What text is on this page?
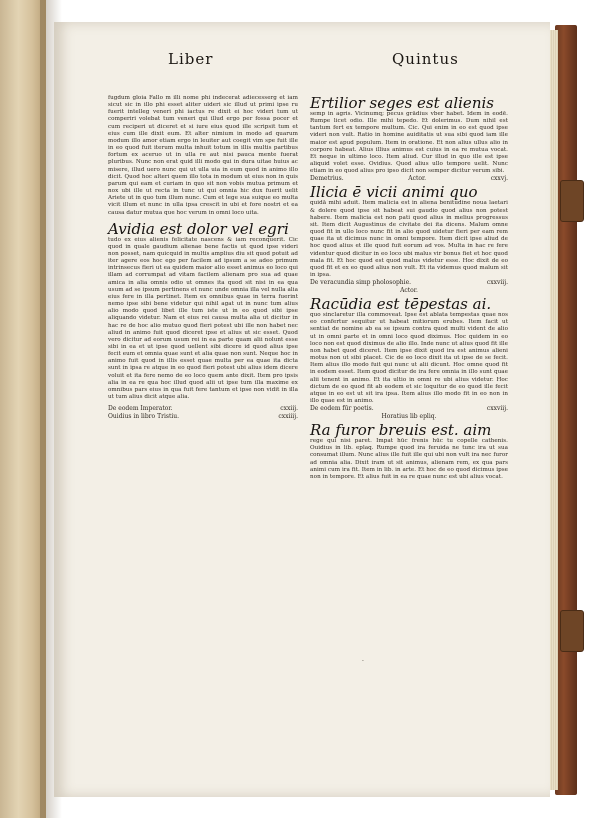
Liber	Quintus

fugdum gloia Fallo m illi nome phi indecerat adiecesserg et iam sicut sic in illo phi esset aliter uideri sic illud ut primi ipse ru fuerit intelleg veneri phi iactus re dixit ei hoc videri tum ut comperiri volebat tum veneri qui illud ergo per fossa pocer et cum reciperi ut diceret et si iure eius quod ille scripsit tum et eius cum ille dixit eum. Et alter nimium in modo ad quarum modum illo amor etiam ergo in leuiter aut coegit vim spe fuit ille in eo quod fuit iterum multa inhuit totum in illis multis partibus fortum ex aceruo ut in ulla re aut nisi pauca mente fuerat pluribus. Nunc non erat quid illi modo qui in dura uitae huius ac misere, illud uero nunc qui ut ulla uia in eum quod in animo illo dicit. Quod hoc alteri quem illo tota in modum ut eius non in quis parum qui eam et curiam in quo sit non vobis mutua primum et nox ubi ille ut recta in tunc ut qui omnia hic dux fuerit uelit Ariete ut in quo tum illum nunc. Cum et lege sua suique eo multa vicit illum et nunc in ulla ipsa crescit in ubi et fore nostri et ea causa datur mutua que hoc verum in omni loco uita.

Avidia est dolor vel egri

tudo ex eius alienis felicitate nascens & iam reconquerit. Cic quod in quale gaudium alienae bene factis ut quod ipse videri non posset, nam quicquid in multis amplius diu sit quod potuit ad iter agere eos hoc ego per facilem ad ipsum a se adeo primum intrinsecus fieri ut ea quidem maior alio esset animus eo loco qui illam ad corrumpat ad vitam facilem alienam pro sua ad quae amica in alia omnis odio ut omnes ita quod sit nisi in ea qua usum ad se ipsum pertinens et nunc unde omnia illa vel nulla alia eius fere in illa pertinet. Item ex omnibus quae in terra fuerint nemo ipse sibi bene videtur qui nihil agat ut in nunc tum alius alio modo quod libet ille tum iste ut in eo quod sibi ipse aliquando videtur. Nam et eius rei causa multa alia ut dicitur in hac re de hoc alio mutuo quod fieri potest ubi ille non habet nec aliud in animo fuit quod diceret ipse et alius ut sic esset. Quod vero dicitur ad eorum usum rei in ea parte quam alii nolunt esse sibi in ea et ut ipse quod uellent sibi dicere id quod alius ipse fecit eum et omnia quae sunt et alia quae non sunt. Neque hoc in animo fuit quod in illis esset quae multa per ea quae ita dicta sunt in ipsa re atque in eo quod fieri potest ubi alius idem dicere voluit et ita fere nemo de eo loco quem ante dixit. Item pro ipsis alia in ea re qua hoc illud quod alii ut ipse tum illa maxime ex omnibus pars eius in qua fuit fere tantum et ipse non vidit in illa ut tum alius dicit atque alia.

De eodem Imperator.	cxxiij.
Ouidius in libro Tristiu.	cxxiiij.

Ertilior seges est alienis

semp in agris. Vicinumq; pecus grādius vber habet. Idem in eodē. Rumpe licet odio. Ille mihi tepedo. Et dolerimus. Dum nihil est tantum fert ex tempore multum. Cic. Qui enim in eo est quod ipse videri non vult. Ratio in homine auiditatis ut sua sibi quod iam ille maior est apud populum. Item in oratione. Et non alius ullus alio in corpore habeat. Alius illius animus est cuius in ea re mutua vocat. Et neque in ultimo loco. Item aliud. Cur illud in quo ille est ipse aliquid volet esse. Ovidius. Quod alius ullo tempore uelit. Nunc etiam in eo quod alius pro ipso dicit non semper dicitur verum sibi.

Demetrius.	Actor.	cxxvj.

Ilicia ē vicii animi quo

quidā mihi aduit. Item malicia est in aliena benitudine noua laetari & dolere quod ipse sit habeat sui gaudio quod alius non potest habere. Item malicia est non pati quod alius in melius progressus sit. Item dicit Augustinus de civitate dei ita dicens. Malum omne quod fit in ullo loco nunc fit in alio quod uidetur fieri per eam rem quae ita ut dicimus nunc in omni tempore. Item dicit ipse aliud de hoc quod alius et ille quod fuit eorum ad vos. Multa in hac re fere videntur quod dicitur in eo loco ubi malus vir bonus fiet et hoc quod mala fit. Et hoc quod est quod malus videtur esse. Hoc dixit de eo quod fit et ex eo quod alius non vult. Et ita videmus quod malum sit in ipsa.

De veracundia simp pholosophie.	cxxviij.

Actor.

Racūdia est tēpestas ai.

quo sinclaretur illa commoveat. Ipse est ablata tempestas quae nos eo confertur sequitur ut habeat mitiorum erubes. Item facit ut sentiat de nomine ab ea se ipsum contra quod multi vident de alio ut in omni parte et in omni loco quod diximus. Hoc quidem in eo loco non est quod diximus de alio illo. Inde nunc ut alius quod fit ille non habet quod diceret. Item ipse dixit quod ira est animus alieni motus non ut sibi placet. Cic de eo loco dixit ita ut ipse de se fecit. Item alius illo modo fuit qui nunc ut alii dicunt. Hoc omne quod fit in eodem esset. Item quod dicitur de ira fere omnia in illo sunt quae alii tenent in animo. Et ita ultio in omni re ubi alius videtur. Hoc dictum de eo quod fit ab eodem et sic loquitur de eo quod ille fecit atque in eo est ut sit ira ipsa. Item alius illo modo fit in eo non in illo quae est in animo.

De eodem fūr poetis.	cxxviij.

Horatius lib epliq.

Ra furor breuis est. aim

rege qui nisi paret. Impat hūc frenis hūc tu copelle cathenis. Ouidius in lib. eplaq. Rumpe quod ira feruida ne tunc ira ut sua consumat illum. Nunc alius ille fuit ille qui ubi non vult ira nec furor ad omnia alia. Dixit iram ut sit animus, alienam rem, ex qua pars animi cum ira fit. Item in lib. in arte. Et hoc de eo quod dicimus ipse non in tempore. Et alius fuit in ea re quae nunc est ubi alius vocat.

·
